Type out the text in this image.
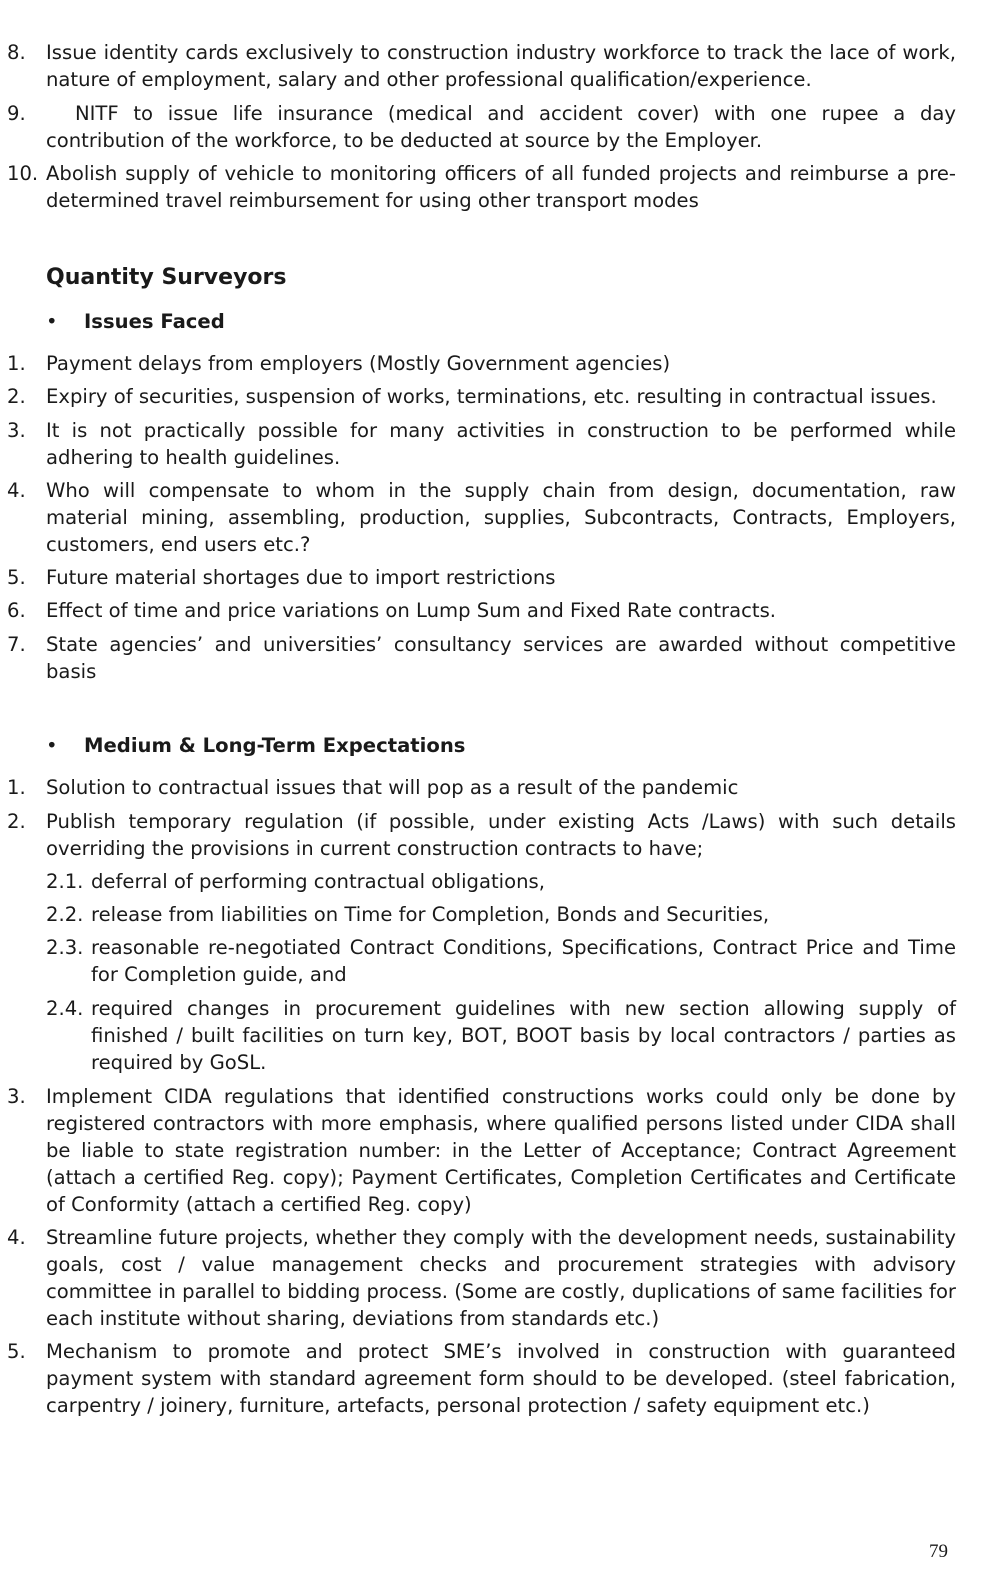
8. Issue identity cards exclusively to construction industry workforce to track the lace of work, nature of employment, salary and other professional qualification/experience.
9.	NITF to issue life insurance (medical and accident cover) with one rupee a day contribution of the workforce, to be deducted at source by the Employer.
10. Abolish supply of vehicle to monitoring officers of all funded projects and reimburse a pre-determined travel reimbursement for using other transport modes
Quantity Surveyors
• Issues Faced
1. Payment delays from employers (Mostly Government agencies)
2. Expiry of securities, suspension of works, terminations, etc. resulting in contractual issues.
3. It is not practically possible for many activities in construction to be performed while adhering to health guidelines.
4. Who will compensate to whom in the supply chain from design, documentation, raw material mining, assembling, production, supplies, Subcontracts, Contracts, Employers, customers, end users etc.?
5. Future material shortages due to import restrictions
6. Effect of time and price variations on Lump Sum and Fixed Rate contracts.
7. State agencies’ and universities’ consultancy services are awarded without competitive basis
• Medium & Long-Term Expectations
1. Solution to contractual issues that will pop as a result of the pandemic
2. Publish temporary regulation (if possible, under existing Acts /Laws) with such details overriding the provisions in current construction contracts to have;
2.1. deferral of performing contractual obligations,
2.2. release from liabilities on Time for Completion, Bonds and Securities,
2.3. reasonable re-negotiated Contract Conditions, Specifications, Contract Price and Time for Completion guide, and
2.4. required changes in procurement guidelines with new section allowing supply of finished / built facilities on turn key, BOT, BOOT basis by local contractors / parties as required by GoSL.
3. Implement CIDA regulations that identified constructions works could only be done by registered contractors with more emphasis, where qualified persons listed under CIDA shall be liable to state registration number: in the Letter of Acceptance; Contract Agreement (attach a certified Reg. copy); Payment Certificates, Completion Certificates and Certificate of Conformity (attach a certified Reg. copy)
4. Streamline future projects, whether they comply with the development needs, sustainability goals, cost / value management checks and procurement strategies with advisory committee in parallel to bidding process. (Some are costly, duplications of same facilities for each institute without sharing, deviations from standards etc.)
5. Mechanism to promote and protect SME’s involved in construction with guaranteed payment system with standard agreement form should to be developed. (steel fabrication, carpentry / joinery, furniture, artefacts, personal protection / safety equipment etc.)
79
